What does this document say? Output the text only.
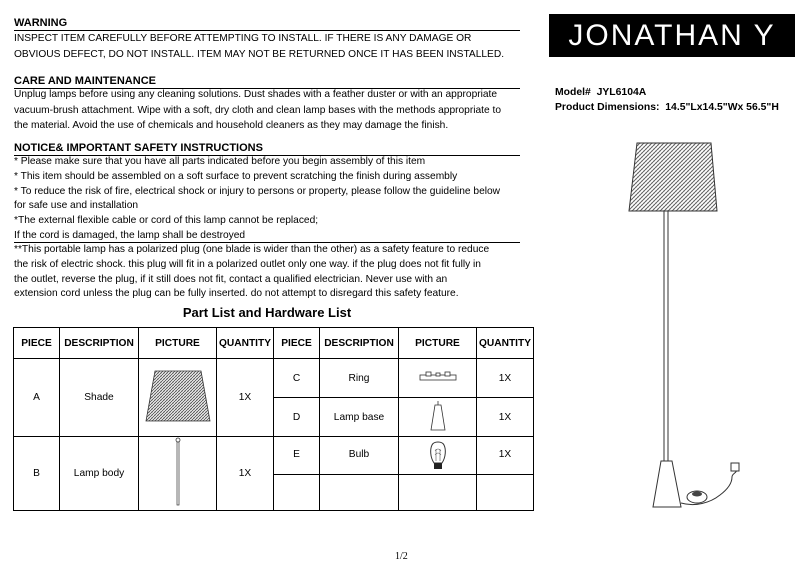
WARNING
INSPECT ITEM CAREFULLY BEFORE ATTEMPTING TO INSTALL. IF THERE IS ANY DAMAGE OR
OBVIOUS DEFECT, DO NOT INSTALL. ITEM MAY NOT BE RETURNED ONCE IT HAS BEEN INSTALLED.
CARE AND MAINTENANCE
Unplug lamps before using any cleaning solutions. Dust shades with a feather duster or with an appropriate
vacuum-brush attachment. Wipe with a soft, dry cloth and clean lamp bases with the methods appropriate to
the material. Avoid the use of chemicals and household cleaners as they may damage the finish.
NOTICE& IMPORTANT SAFETY INSTRUCTIONS
* Please make sure that you have all parts indicated before you begin assembly of this item
* This item should be assembled on a soft surface to prevent scratching the finish during assembly
* To reduce the risk of fire, electrical shock or injury to persons or property, please follow the guideline below
for safe use and installation
*The external flexible cable or cord of this lamp cannot be replaced;
If the cord is damaged, the lamp shall be destroyed
**This portable lamp has a polarized plug (one blade is wider than the other) as a safety feature to reduce
the risk of electric shock. this plug will fit in a polarized outlet only one way. if the plug does not fit fully in
the outlet, reverse the plug, if it still does not fit, contact a qualified electrician. Never use with an
extension cord unless the plug can be fully inserted. do not attempt to disregard this safety feature.
JONATHAN Y
Model# JYL6104A
Product Dimensions: 14.5"Lx14.5"Wx 56.5"H
Part List and Hardware List
PIECE	DESCRIPTION	PICTURE	QUANTITY	PIECE	DESCRIPTION	PICTURE	QUANTITY
A	Shade		1X	C	Ring		1X
				D	Lamp base		1X
B	Lamp body		1X	E	Bulb		1X

1/2
